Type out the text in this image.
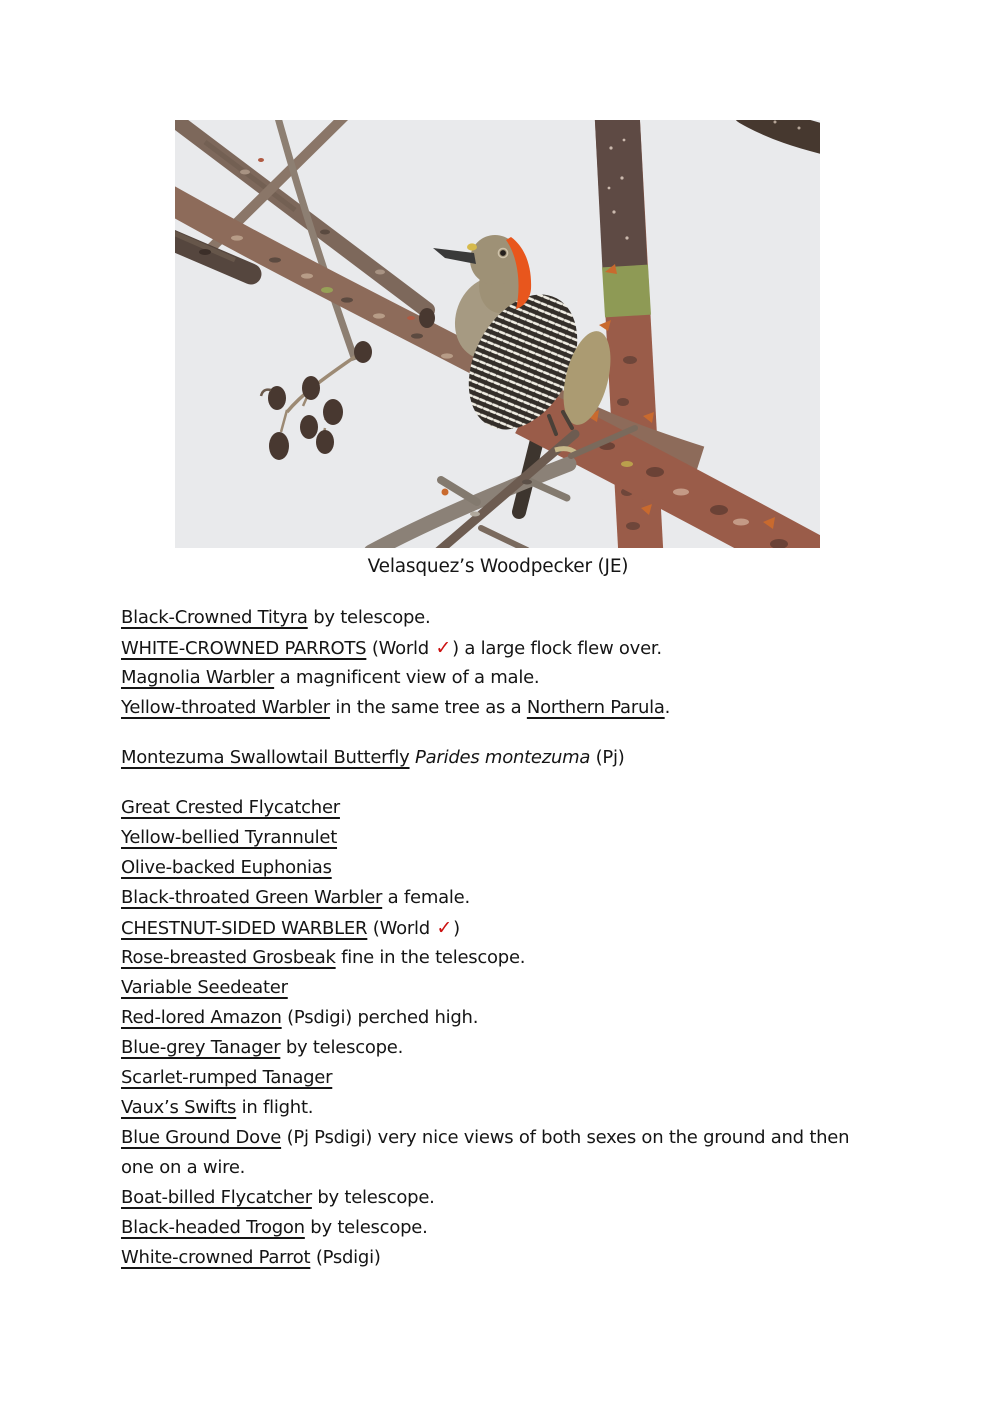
Velasquez’s Woodpecker (JE)
Black-Crowned Tityra by telescope.
WHITE-CROWNED PARROTS (World ✓) a large flock flew over.
Magnolia Warbler a magnificent view of a male.
Yellow-throated Warbler in the same tree as a Northern Parula.
Montezuma Swallowtail Butterfly Parides montezuma (Pj)
Great Crested Flycatcher
Yellow-bellied Tyrannulet
Olive-backed Euphonias
Black-throated Green Warbler a female.
CHESTNUT-SIDED WARBLER (World ✓)
Rose-breasted Grosbeak fine in the telescope.
Variable Seedeater
Red-lored Amazon (Psdigi) perched high.
Blue-grey Tanager by telescope.
Scarlet-rumped Tanager
Vaux’s Swifts in flight.
Blue Ground Dove (Pj Psdigi) very nice views of both sexes on the ground and then
one on a wire.
Boat-billed Flycatcher by telescope.
Black-headed Trogon by telescope.
White-crowned Parrot (Psdigi)
